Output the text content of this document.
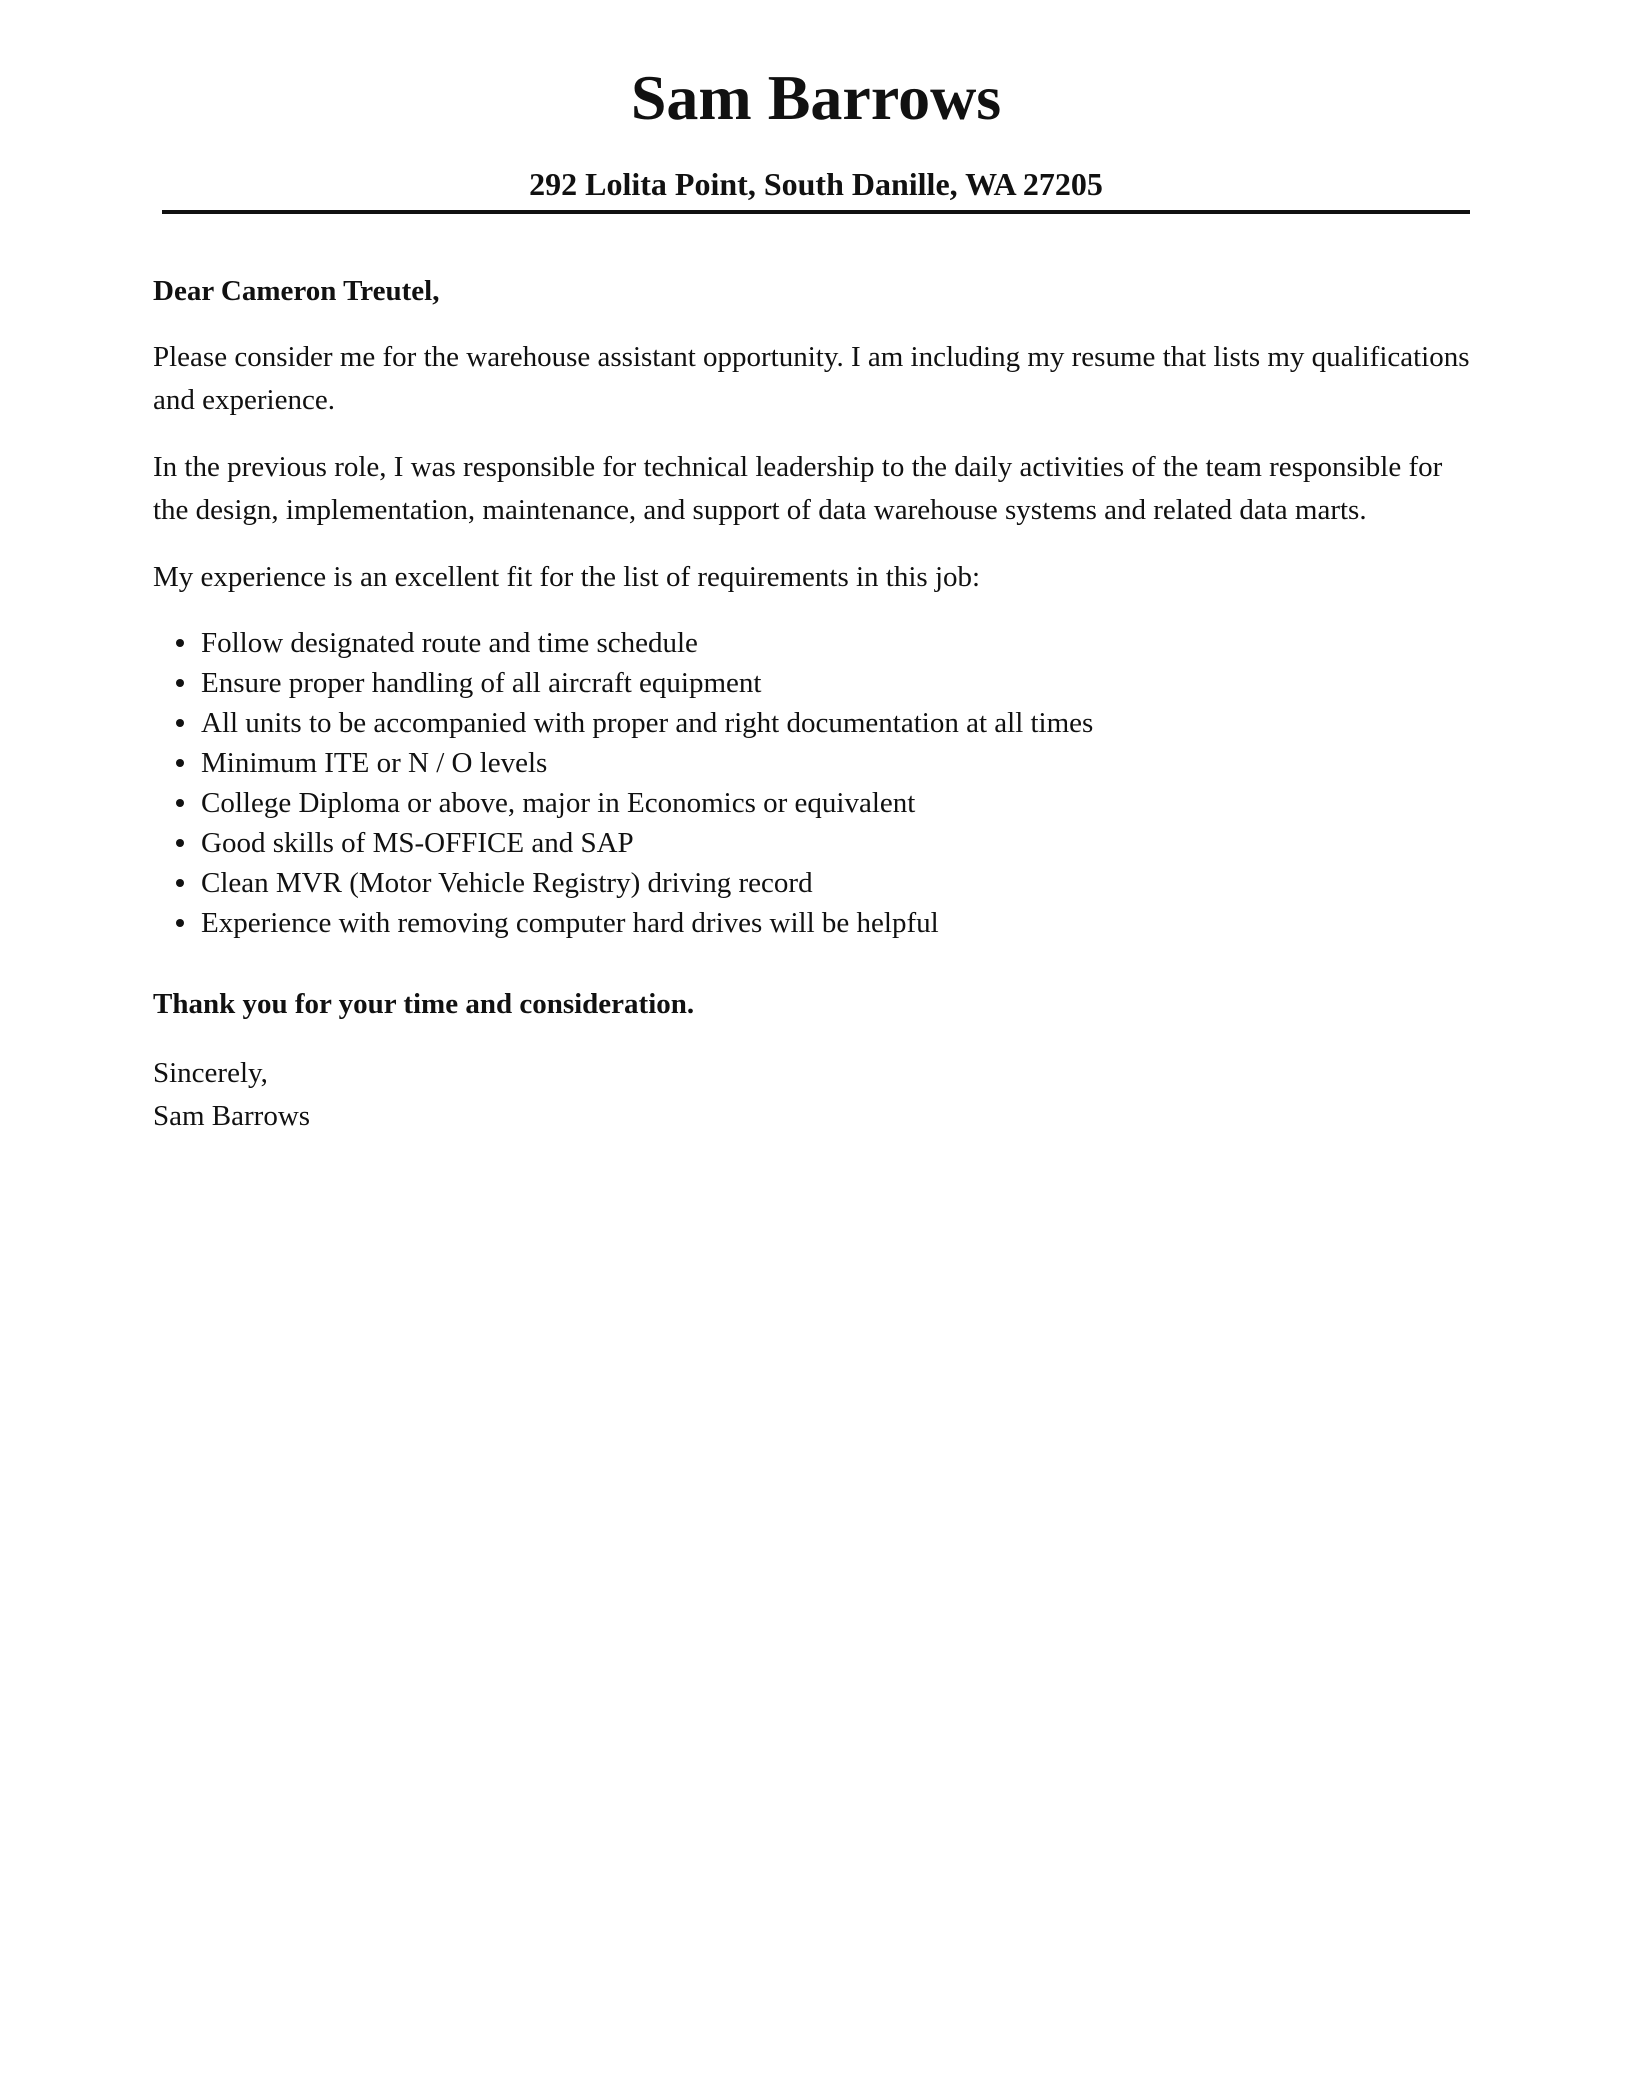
Sam Barrows
292 Lolita Point, South Danille, WA 27205

Dear Cameron Treutel,

Please consider me for the warehouse assistant opportunity. I am including my resume that lists my qualifications and experience.

In the previous role, I was responsible for technical leadership to the daily activities of the team responsible for the design, implementation, maintenance, and support of data warehouse systems and related data marts.

My experience is an excellent fit for the list of requirements in this job:

Follow designated route and time schedule
Ensure proper handling of all aircraft equipment
All units to be accompanied with proper and right documentation at all times
Minimum ITE or N / O levels
College Diploma or above, major in Economics or equivalent
Good skills of MS-OFFICE and SAP
Clean MVR (Motor Vehicle Registry) driving record
Experience with removing computer hard drives will be helpful

Thank you for your time and consideration.

Sincerely,

Sam Barrows
